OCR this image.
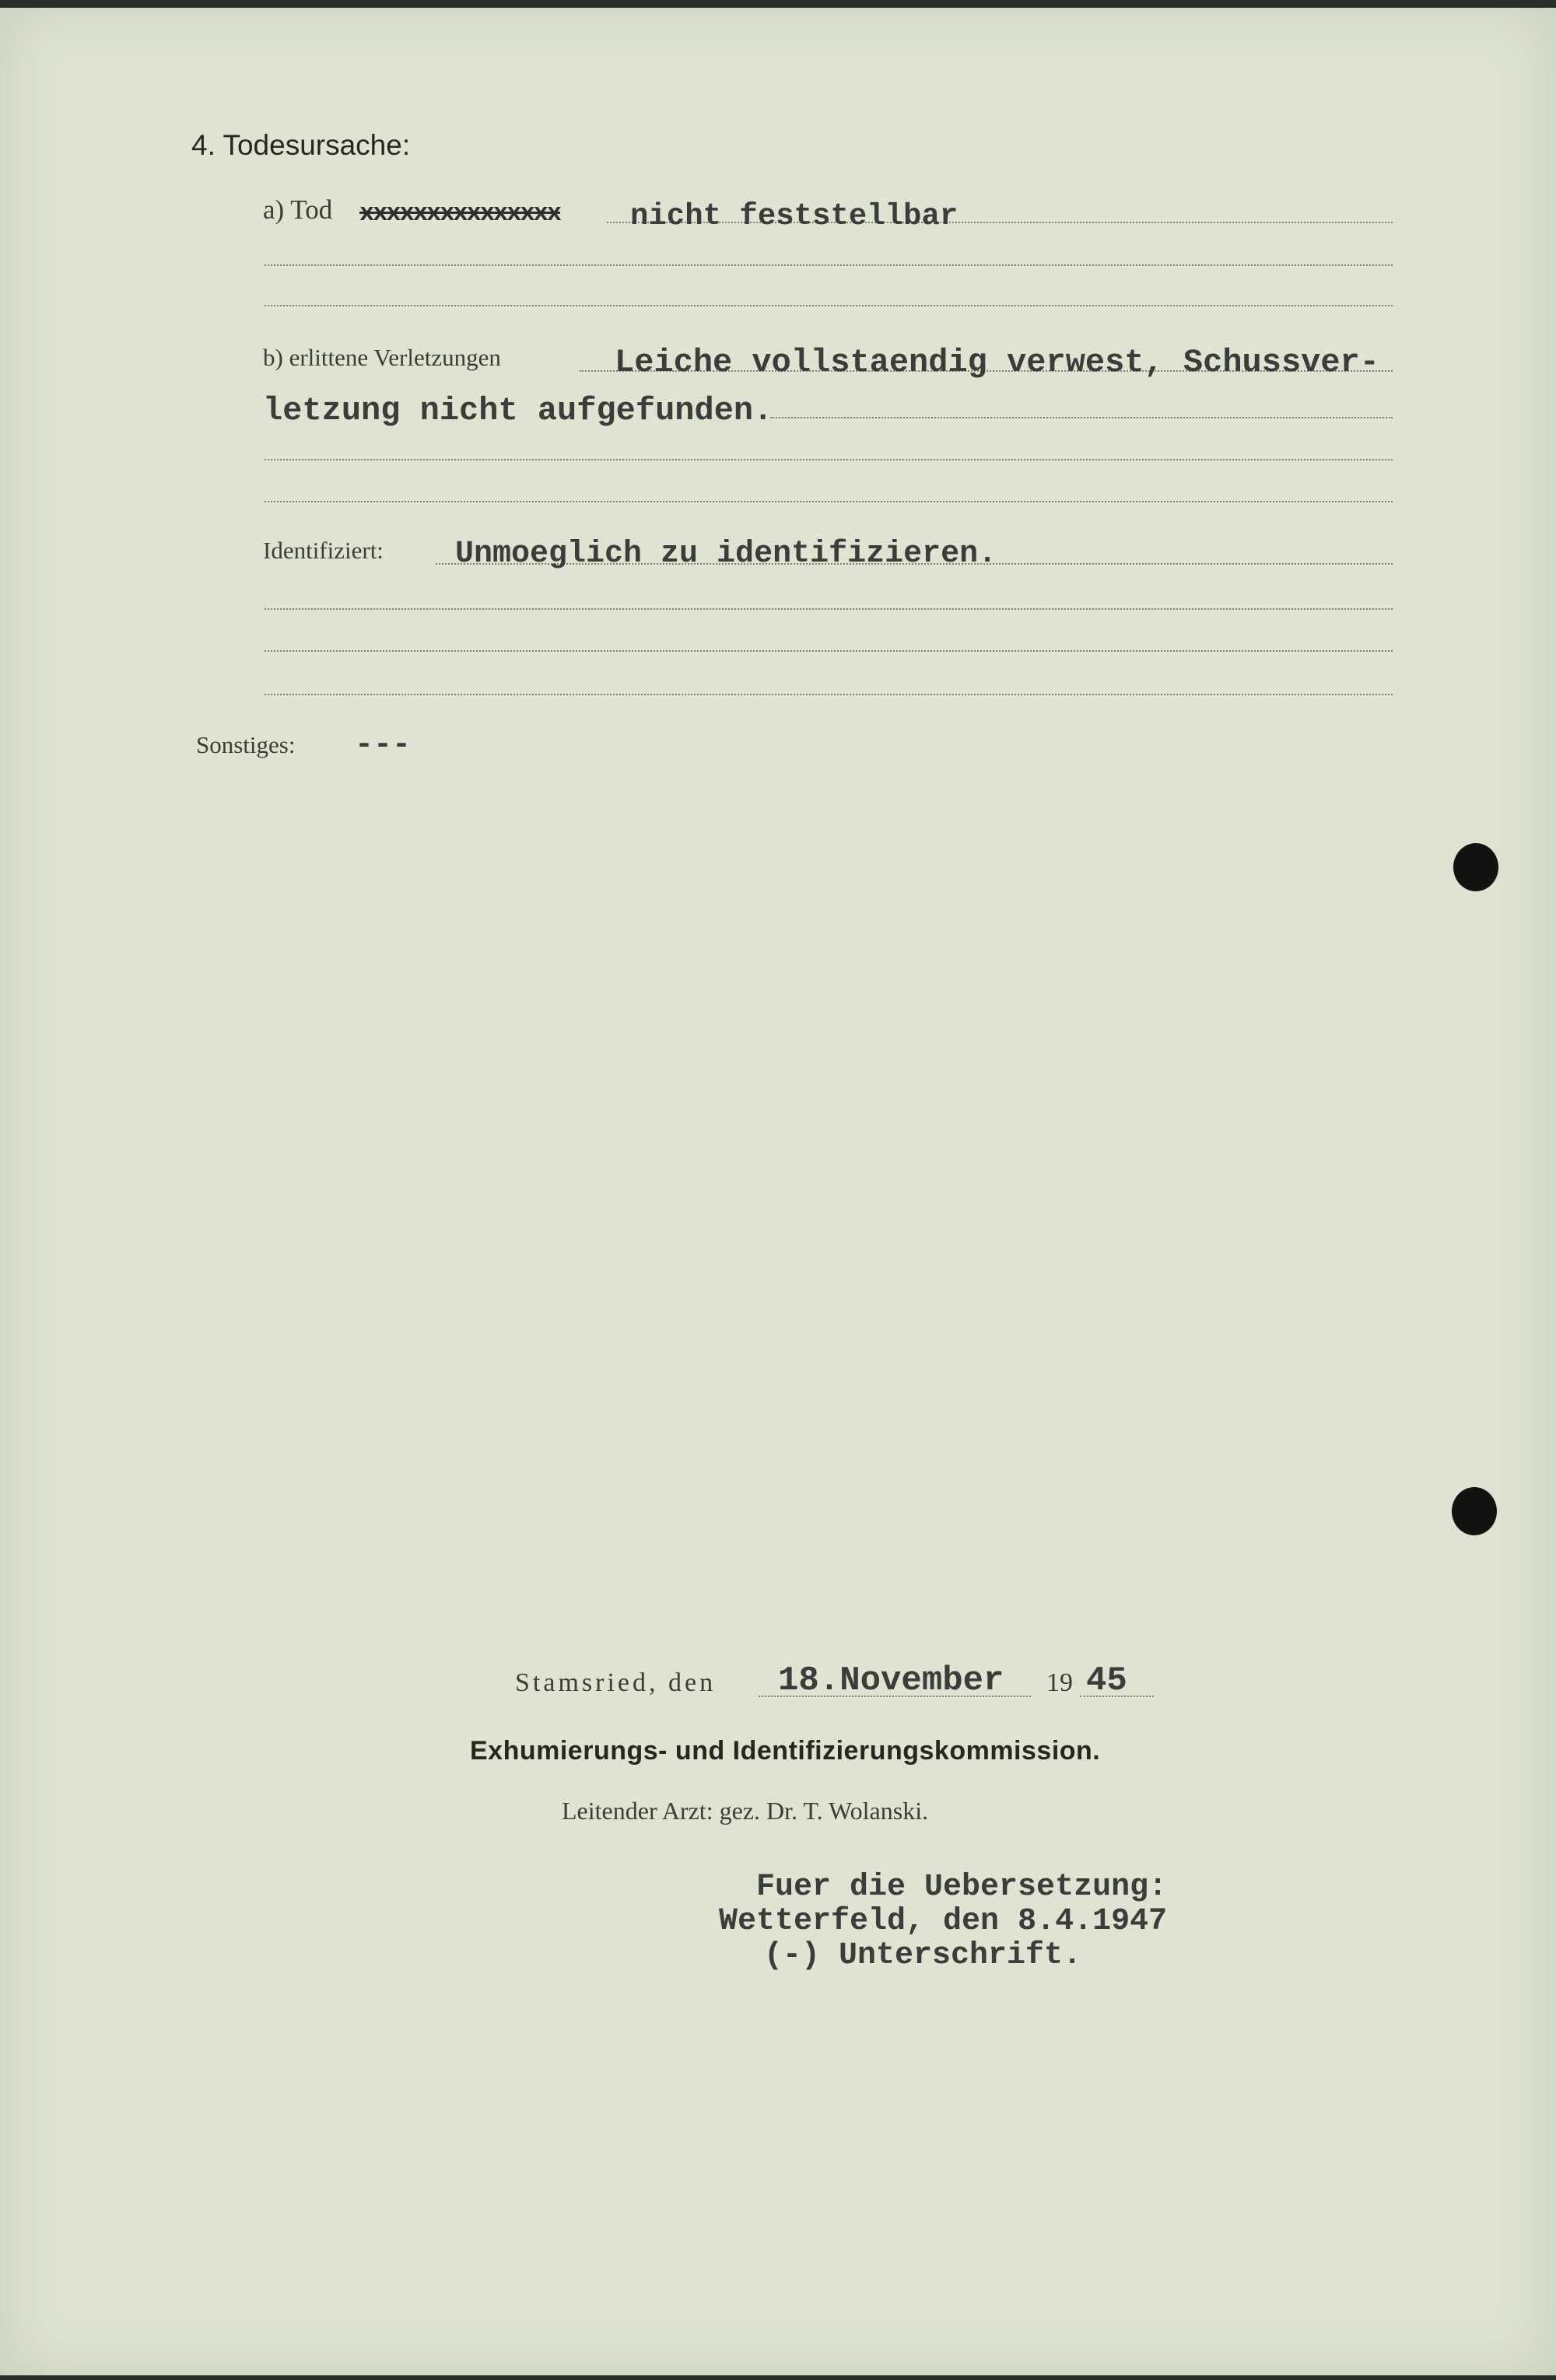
4. Todesursache:
a) Tod xxxxxxxxxxxxxxx nicht feststellbar
b) erlittene Verletzungen	Leiche vollstaendig verwest, Schussver-
letzung nicht aufgefunden.
Identifiziert: Unmoeglich zu identifizieren.
Sonstiges: ---
Stamsried, den 18.November 19 45
Exhumierungs- und Identifizierungskommission.
Leitender Arzt: gez. Dr. T. Wolanski.
Fuer die Uebersetzung:
Wetterfeld, den 8.4.1947
(-) Unterschrift.
